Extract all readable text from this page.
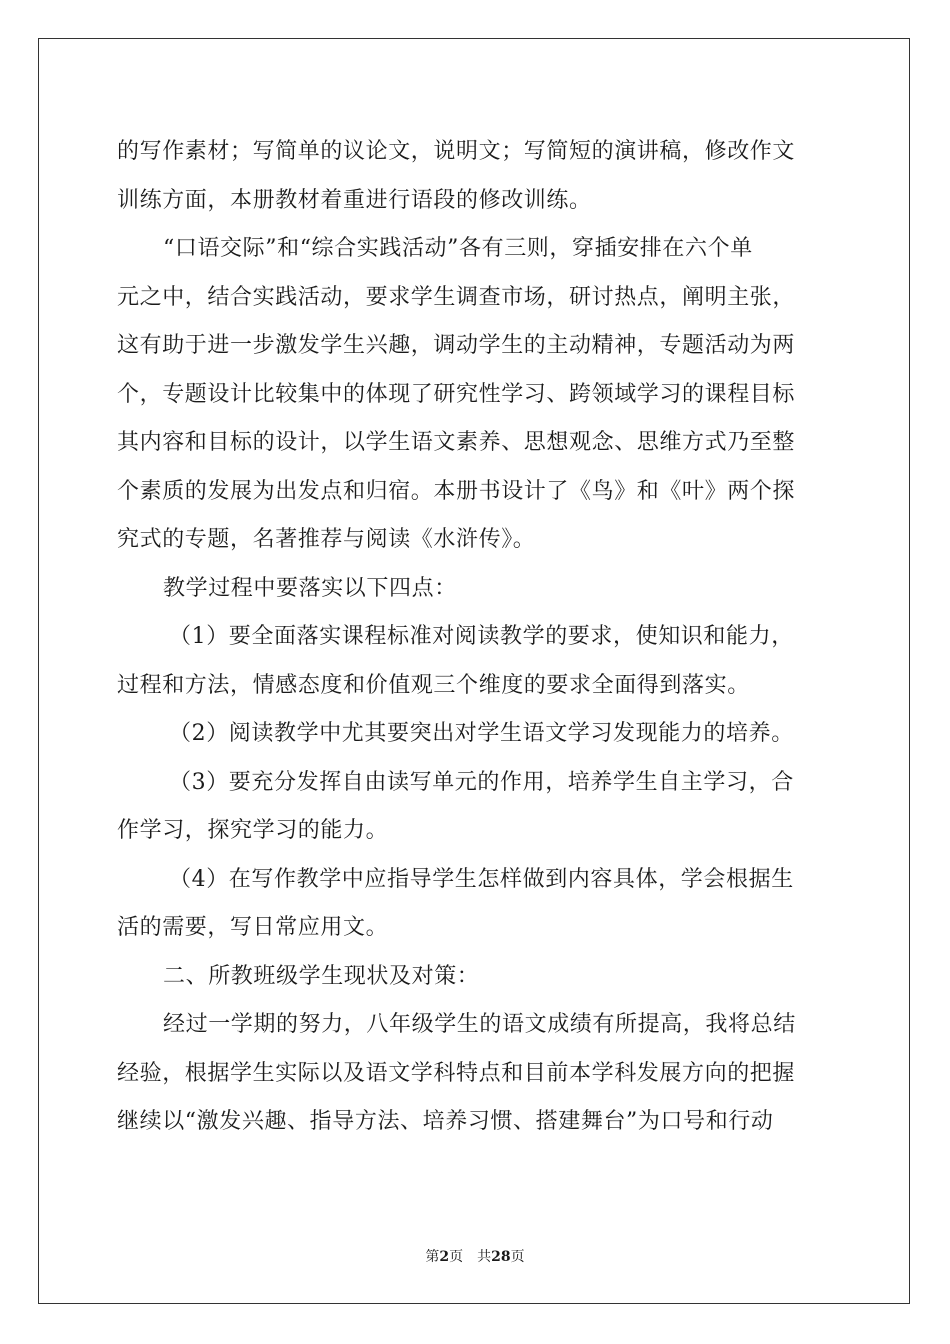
的写作素材；写简单的议论文，说明文；写简短的演讲稿，修改作文
训练方面，本册教材着重进行语段的修改训练。
“口语交际”和“综合实践活动”各有三则，穿插安排在六个单
元之中，结合实践活动，要求学生调查市场，研讨热点，阐明主张，
这有助于进一步激发学生兴趣，调动学生的主动精神，专题活动为两
个，专题设计比较集中的体现了研究性学习、跨领域学习的课程目标
其内容和目标的设计，以学生语文素养、思想观念、思维方式乃至整
个素质的发展为出发点和归宿。本册书设计了《鸟》和《叶》两个探
究式的专题，名著推荐与阅读《水浒传》。
教学过程中要落实以下四点：
（1）要全面落实课程标准对阅读教学的要求，使知识和能力，
过程和方法，情感态度和价值观三个维度的要求全面得到落实。
（2）阅读教学中尤其要突出对学生语文学习发现能力的培养。
（3）要充分发挥自由读写单元的作用，培养学生自主学习，合
作学习，探究学习的能力。
（4）在写作教学中应指导学生怎样做到内容具体，学会根据生
活的需要，写日常应用文。
二、所教班级学生现状及对策：
经过一学期的努力，八年级学生的语文成绩有所提高，我将总结
经验，根据学生实际以及语文学科特点和目前本学科发展方向的把握
继续以“激发兴趣、指导方法、培养习惯、搭建舞台”为口号和行动
第2页 共28页
